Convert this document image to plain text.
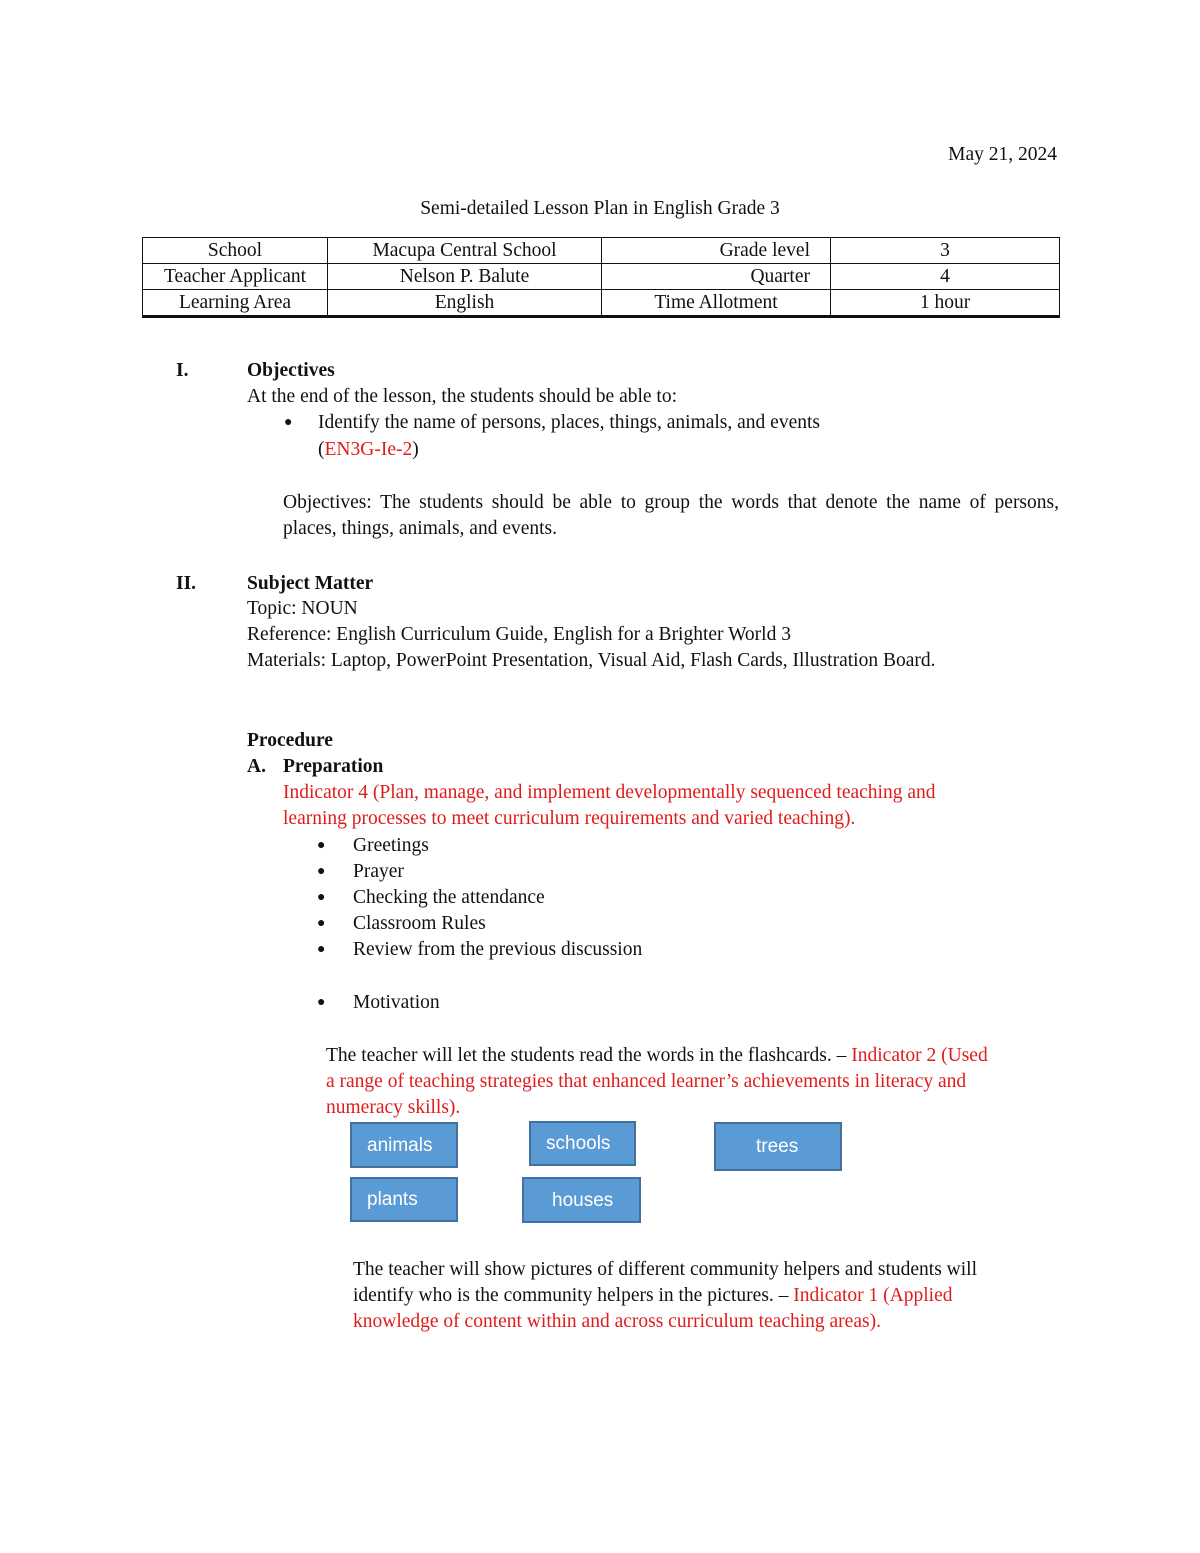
May 21, 2024
Semi-detailed Lesson Plan in English Grade 3
School	Macupa Central School	Grade level	3
Teacher Applicant	Nelson P. Balute	Quarter	4
Learning Area	English	Time Allotment	1 hour
I.	Objectives
At the end of the lesson, the students should be able to:
● Identify the name of persons, places, things, animals, and events
(EN3G-Ie-2)
Objectives: The students should be able to group the words that denote the name of persons, places, things, animals, and events.
II.	Subject Matter
Topic: NOUN
Reference: English Curriculum Guide, English for a Brighter World 3
Materials: Laptop, PowerPoint Presentation, Visual Aid, Flash Cards, Illustration Board.
Procedure
A. Preparation
Indicator 4 (Plan, manage, and implement developmentally sequenced teaching and
learning processes to meet curriculum requirements and varied teaching).
● Greetings
● Prayer
● Checking the attendance
● Classroom Rules
● Review from the previous discussion
● Motivation
The teacher will let the students read the words in the flashcards. – Indicator 2 (Used
a range of teaching strategies that enhanced learner’s achievements in literacy and
numeracy skills).
animals	schools	trees
plants	houses
The teacher will show pictures of different community helpers and students will
identify who is the community helpers in the pictures. – Indicator 1 (Applied
knowledge of content within and across curriculum teaching areas).
